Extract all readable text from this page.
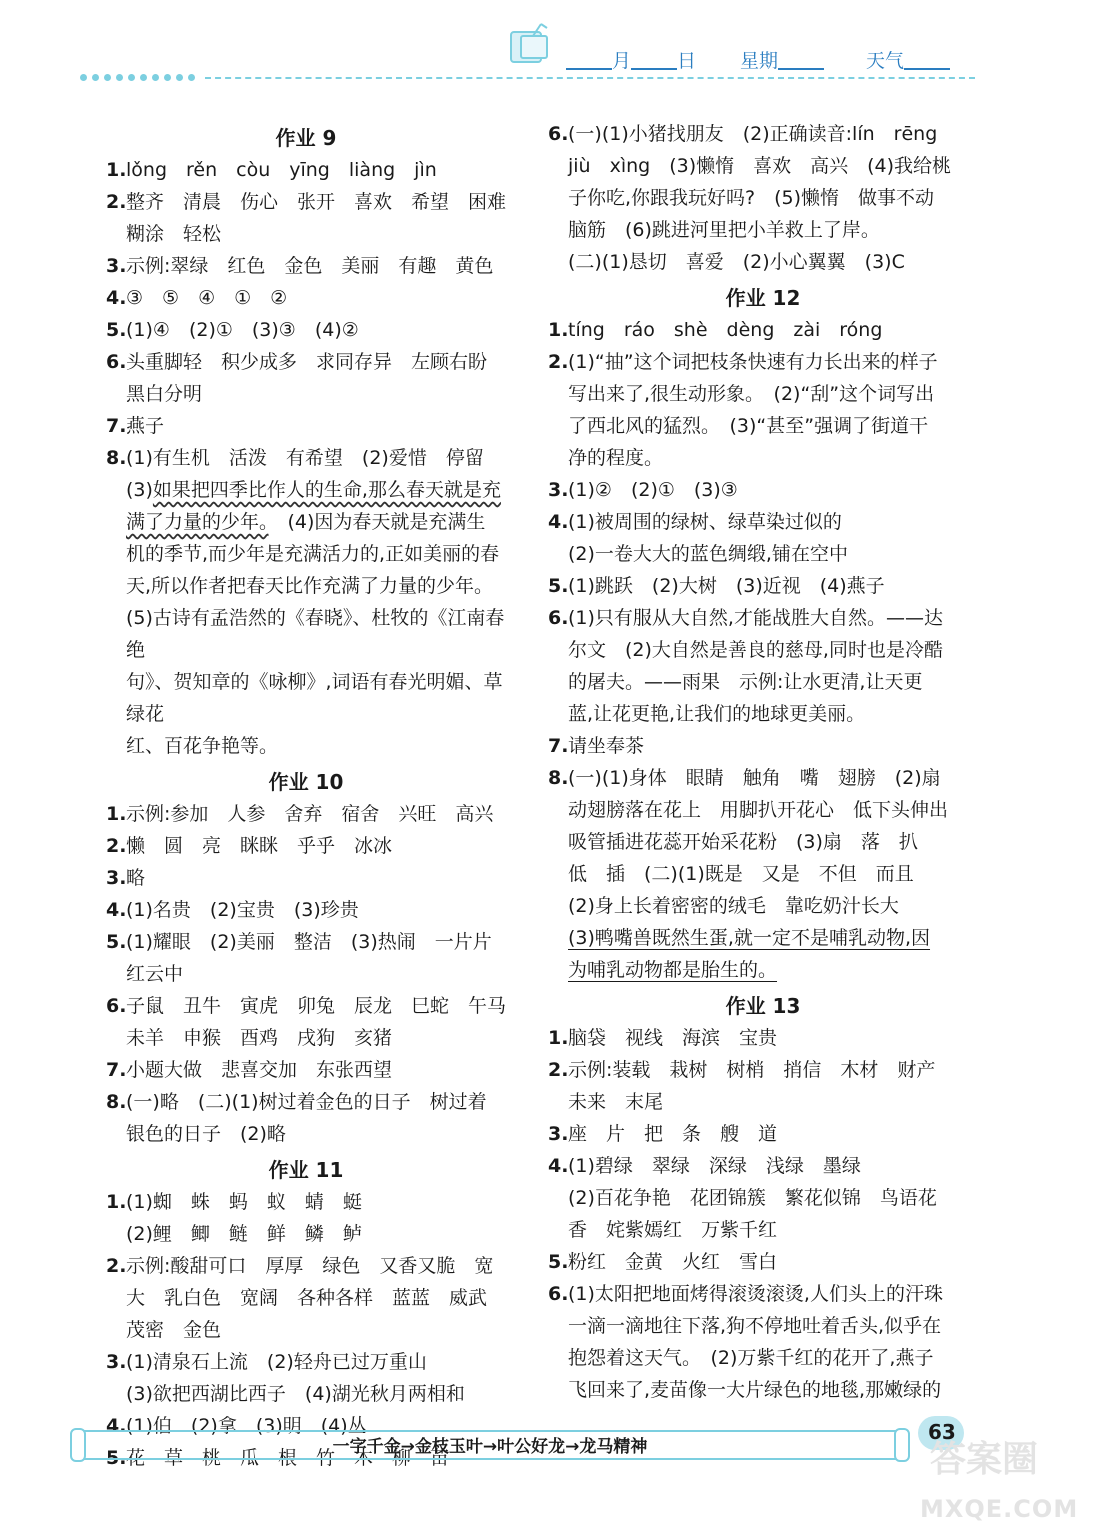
月 日 星期	天气
作业 9
1. lǒng　rěn　còu　yīng　liàng　jìn
2. 整齐　清晨　伤心　张开　喜欢　希望　困难
糊涂　轻松
3. 示例:翠绿　红色　金色　美丽　有趣　黄色
4. ③　⑤　④　①　②
5. (1)④　(2)①　(3)③　(4)②
6. 头重脚轻　积少成多　求同存异　左顾右盼
黑白分明
7. 燕子
8. (1)有生机　活泼　有希望　(2)爱惜　停留
(3)如果把四季比作人的生命,那么春天就是充
满了力量的少年。　(4)因为春天就是充满生
机的季节,而少年是充满活力的,正如美丽的春
天,所以作者把春天比作充满了力量的少年。
(5)古诗有孟浩然的《春晓》、杜牧的《江南春绝
句》、贺知章的《咏柳》,词语有春光明媚、草绿花
红、百花争艳等。
作业 10
1. 示例:参加　人参　舍弃　宿舍　兴旺　高兴
2. 懒　圆　亮　眯眯　乎乎　冰冰
3. 略
4. (1)名贵　(2)宝贵　(3)珍贵
5. (1)耀眼　(2)美丽　整洁　(3)热闹　一片片
红云中
6. 子鼠　丑牛　寅虎　卯兔　辰龙　巳蛇　午马
未羊　申猴　酉鸡　戌狗　亥猪
7. 小题大做　悲喜交加　东张西望
8. (一)略　(二)(1)树过着金色的日子　树过着
银色的日子　(2)略
作业 11
1. (1)蜘　蛛　蚂　蚁　蜻　蜓
(2)鲤　鲫　鲢　鲜　鳞　鲈
2. 示例:酸甜可口　厚厚　绿色　又香又脆　宽
大　乳白色　宽阔　各种各样　蓝蓝　威武
茂密　金色
3. (1)清泉石上流　(2)轻舟已过万重山
(3)欲把西湖比西子　(4)湖光秋月两相和
4. (1)伯　(2)拿　(3)明　(4)丛
5. 花　草　桃　瓜　根　竹　木　柳　苗
6. (一)(1)小猪找朋友　(2)正确读音:lín　rēng
jiù　xìng　(3)懒惰　喜欢　高兴　(4)我给桃
子你吃,你跟我玩好吗?　(5)懒惰　做事不动
脑筋　(6)跳进河里把小羊救上了岸。
(二)(1)恳切　喜爱　(2)小心翼翼　(3)C
作业 12
1. tíng　ráo　shè　dèng　zài　róng
2. (1)“抽”这个词把枝条快速有力长出来的样子
写出来了,很生动形象。　(2)“刮”这个词写出
了西北风的猛烈。　(3)“甚至”强调了街道干
净的程度。
3. (1)②　(2)①　(3)③
4. (1)被周围的绿树、绿草染过似的
(2)一卷大大的蓝色绸缎,铺在空中
5. (1)跳跃　(2)大树　(3)近视　(4)燕子
6. (1)只有服从大自然,才能战胜大自然。——达
尔文　(2)大自然是善良的慈母,同时也是冷酷
的屠夫。——雨果　示例:让水更清,让天更
蓝,让花更艳,让我们的地球更美丽。
7. 请坐奉茶
8. (一)(1)身体　眼睛　触角　嘴　翅膀　(2)扇
动翅膀落在花上　用脚扒开花心　低下头伸出
吸管插进花蕊开始采花粉　(3)扇　落　扒
低　插　(二)(1)既是　又是　不但　而且
(2)身上长着密密的绒毛　靠吃奶汁长大
(3)鸭嘴兽既然生蛋,就一定不是哺乳动物,因
为哺乳动物都是胎生的。
作业 13
1. 脑袋　视线　海滨　宝贵
2. 示例:装载　栽树　树梢　捎信　木材　财产
未来　末尾
3. 座　片　把　条　艘　道
4. (1)碧绿　翠绿　深绿　浅绿　墨绿
(2)百花争艳　花团锦簇　繁花似锦　鸟语花
香　姹紫嫣红　万紫千红
5. 粉红　金黄　火红　雪白
6. (1)太阳把地面烤得滚烫滚烫,人们头上的汗珠
一滴一滴地往下落,狗不停地吐着舌头,似乎在
抱怨着这天气。　(2)万紫千红的花开了,燕子
飞回来了,麦苗像一大片绿色的地毯,那嫩绿的
一字千金→金枝玉叶→叶公好龙→龙马精神
63
答案圈
MXQE.COM
